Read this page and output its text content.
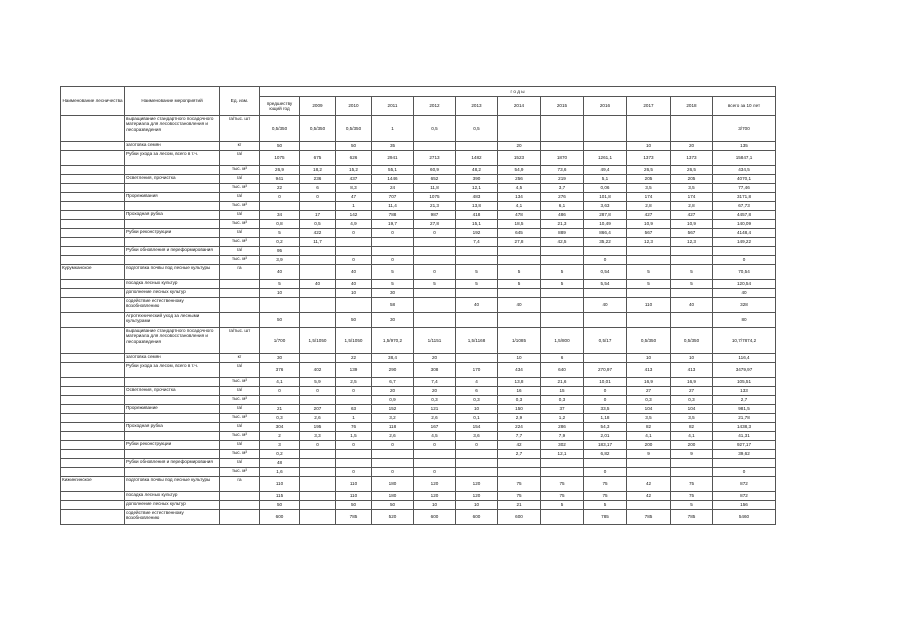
Наименование лесничества	Наименование мероприятий	Ед. изм.	г о д ы											
			предшеству ющий год	2009	2010	2011	2012	2013	2014	2015	2016	2017	2018	всего за 10 лет
	выращивание стандартного посадочного материала для лесовосстановления и лесоразведения	га/тыс. шт	0,5/350	0,5/350	0,5/350	1	0,5	0,5						3/700
	заготовка семян	кг	50		50	35			20			10	20	135
	Рубки ухода за лесом, всего в т.ч.	га/	1075	675	626	2941	2713	1482	1523	1870	1261,1	1373	1373	15847,1
		тыс. м³	26,9	18,2	15,2	55,1	60,9	48,2	54,9	73,6	49,4	26,5	26,5	434,5
	Осветления, прочистка	га/	941	236	437	1446	652	390	256	219	5,1	205	205	4070,1
		тыс. м³	22	6	8,3	24	11,8	12,1	4,5	3,7	0,06	3,5	3,5	77,46
	Прореживания	га/	0	0	47	707	1075	483	134	276	101,8	174	174	3171,8
		тыс. м³			1	11,4	21,3	13,8	4,1	6,1	3,63	2,8	2,8	67,73
	Проходная рубка	га/	34	17	142	788	987	418	478	486	287,8	427	427	4457,8
		тыс. м³	0,8	0,5	4,9	19,7	27,8	15,1	18,5	21,3	10,49	10,9	10,9	140,09
	Рубки реконструкции	га/	5	422	0	0	0	192	645	889	866,4	567	567	4148,4
		тыс. м³	0,2	11,7				7,4	27,8	42,5	35,22	12,3	12,3	149,22
	Рубки обновления и переформирования	га/	95											
		тыс. м³	3,9		0	0					0			0
Курумканское	подготовка почвы под лесные культуры	га	40		40	5	0	5	5	5	0,54	5	5	70,54
	посадка лесных культур		5	40	40	5	5	5	5	5	5,54	5	5	120,54
	дополнение лесных культур		10		10	30								40
	содействие естественному возобновлению					58		40	40		40	110	40	328
	Агротехнический уход за лесными культурами		50		50	30								80
	выращивание стандартного посадочного материала для лесовосстановления и лесоразведения	га/тыс. шт	1/700	1,5/1050	1,5/1050	1,5/970,2	1/1151	1,5/1168	1/1085	1,5/800	0,5/17	0,5/350	0,5/350	10,7/7874,2
	заготовка семян	кг	30		22	38,4	20		10	6		10	10	116,4
	Рубки ухода за лесом, всего в т.ч.	га/	376	402	139	290	308	170	434	640	270,97	413	413	3479,97
		тыс. м³	4,1	5,9	2,5	6,7	7,4	4	13,8	21,6	10,01	16,9	16,9	105,51
	Осветления, прочистка	га/	0	0	0	20	20	6	16	15	0	27	27	133
		тыс. м³				0,9	0,3	0,3	0,3	0,3	0	0,3	0,3	2,7
	Прореживание	га/	21	207	63	152	121	10	150	37	33,5	104	104	981,5
		тыс. м³	0,3	2,6	1	3,2	2,6	0,1	2,9	1,2	1,18	3,5	3,5	21,78
	Проходная рубка	га/	304	195	76	118	167	154	224	286	54,3	82	82	1438,3
		тыс. м³	2	3,3	1,5	2,6	4,5	3,6	7,7	7,9	2,01	4,1	4,1	41,31
	Рубки реконструкции	га/	3	0	0	0	0	0	42	302	183,17	200	200	927,17
		тыс. м³	0,2						2,7	12,1	6,82	9	9	39,62
	Рубки обновления и переформирования	га/	48											
		тыс. м³	1,6		0	0	0				0			0
Кижингинское	подготовка почвы под лесные культуры	га	110		110	180	120	120	75	75	75	42	75	872
	посадка лесных культур		115		110	180	120	120	75	75	75	42	75	872
	дополнение лесных культур		50		50	50	10	10	21	5	5		5	156
	содействие естественному возобновлению		600		785	520	600	600	600		785	785	785	5460
